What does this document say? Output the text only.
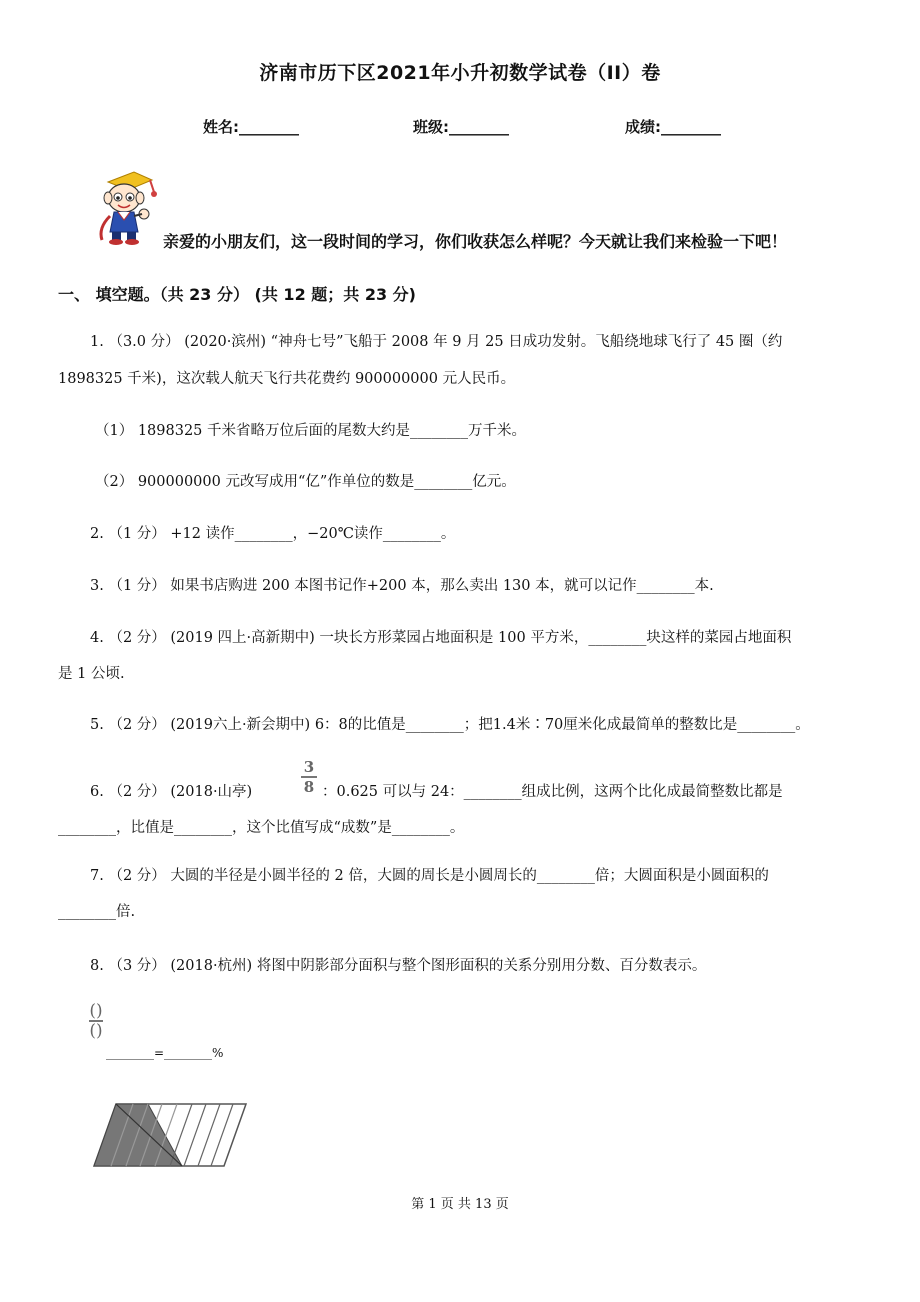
济南市历下区2021年小升初数学试卷（II）卷
姓名:________	班级:________	成绩:________
亲爱的小朋友们，这一段时间的学习，你们收获怎么样呢？今天就让我们来检验一下吧！
一、 填空题。（共 23 分） (共 12 题；共 23 分)
1. （3.0 分） (2020·滨州) “神舟七号”飞船于 2008 年 9 月 25 日成功发射。飞船绕地球飞行了 45 圈（约
1898325 千米)，这次载人航天飞行共花费约 900000000 元人民币。
（1） 1898325 千米省略万位后面的尾数大约是________万千米。
（2） 900000000 元改写成用“亿”作单位的数是________亿元。
2. （1 分） +12 读作________，−20℃读作________。
3. （1 分） 如果书店购进 200 本图书记作+200 本，那么卖出 130 本，就可以记作________本.
4. （2 分） (2019 四上·高新期中) 一块长方形菜园占地面积是 100 平方米，________块这样的菜园占地面积
是 1 公顷.
5. （2 分） (2019六上·新会期中) 6：8的比值是________；把1.4米∶70厘米化成最简单的整数比是________。
6. （2 分） (2018·山亭)
3
8 ：0.625 可以与 24：________组成比例，这两个比化成最简整数比都是
________，比值是________，这个比值写成“成数”是________。
7. （2 分） 大圆的半径是小圆半径的 2 倍，大圆的周长是小圆周长的________倍；大圆面积是小圆面积的
________倍.
8. （3 分） (2018·杭州) 将图中阴影部分面积与整个图形面积的关系分别用分数、百分数表示。
()
()
________=________%
第 1 页 共 13 页
